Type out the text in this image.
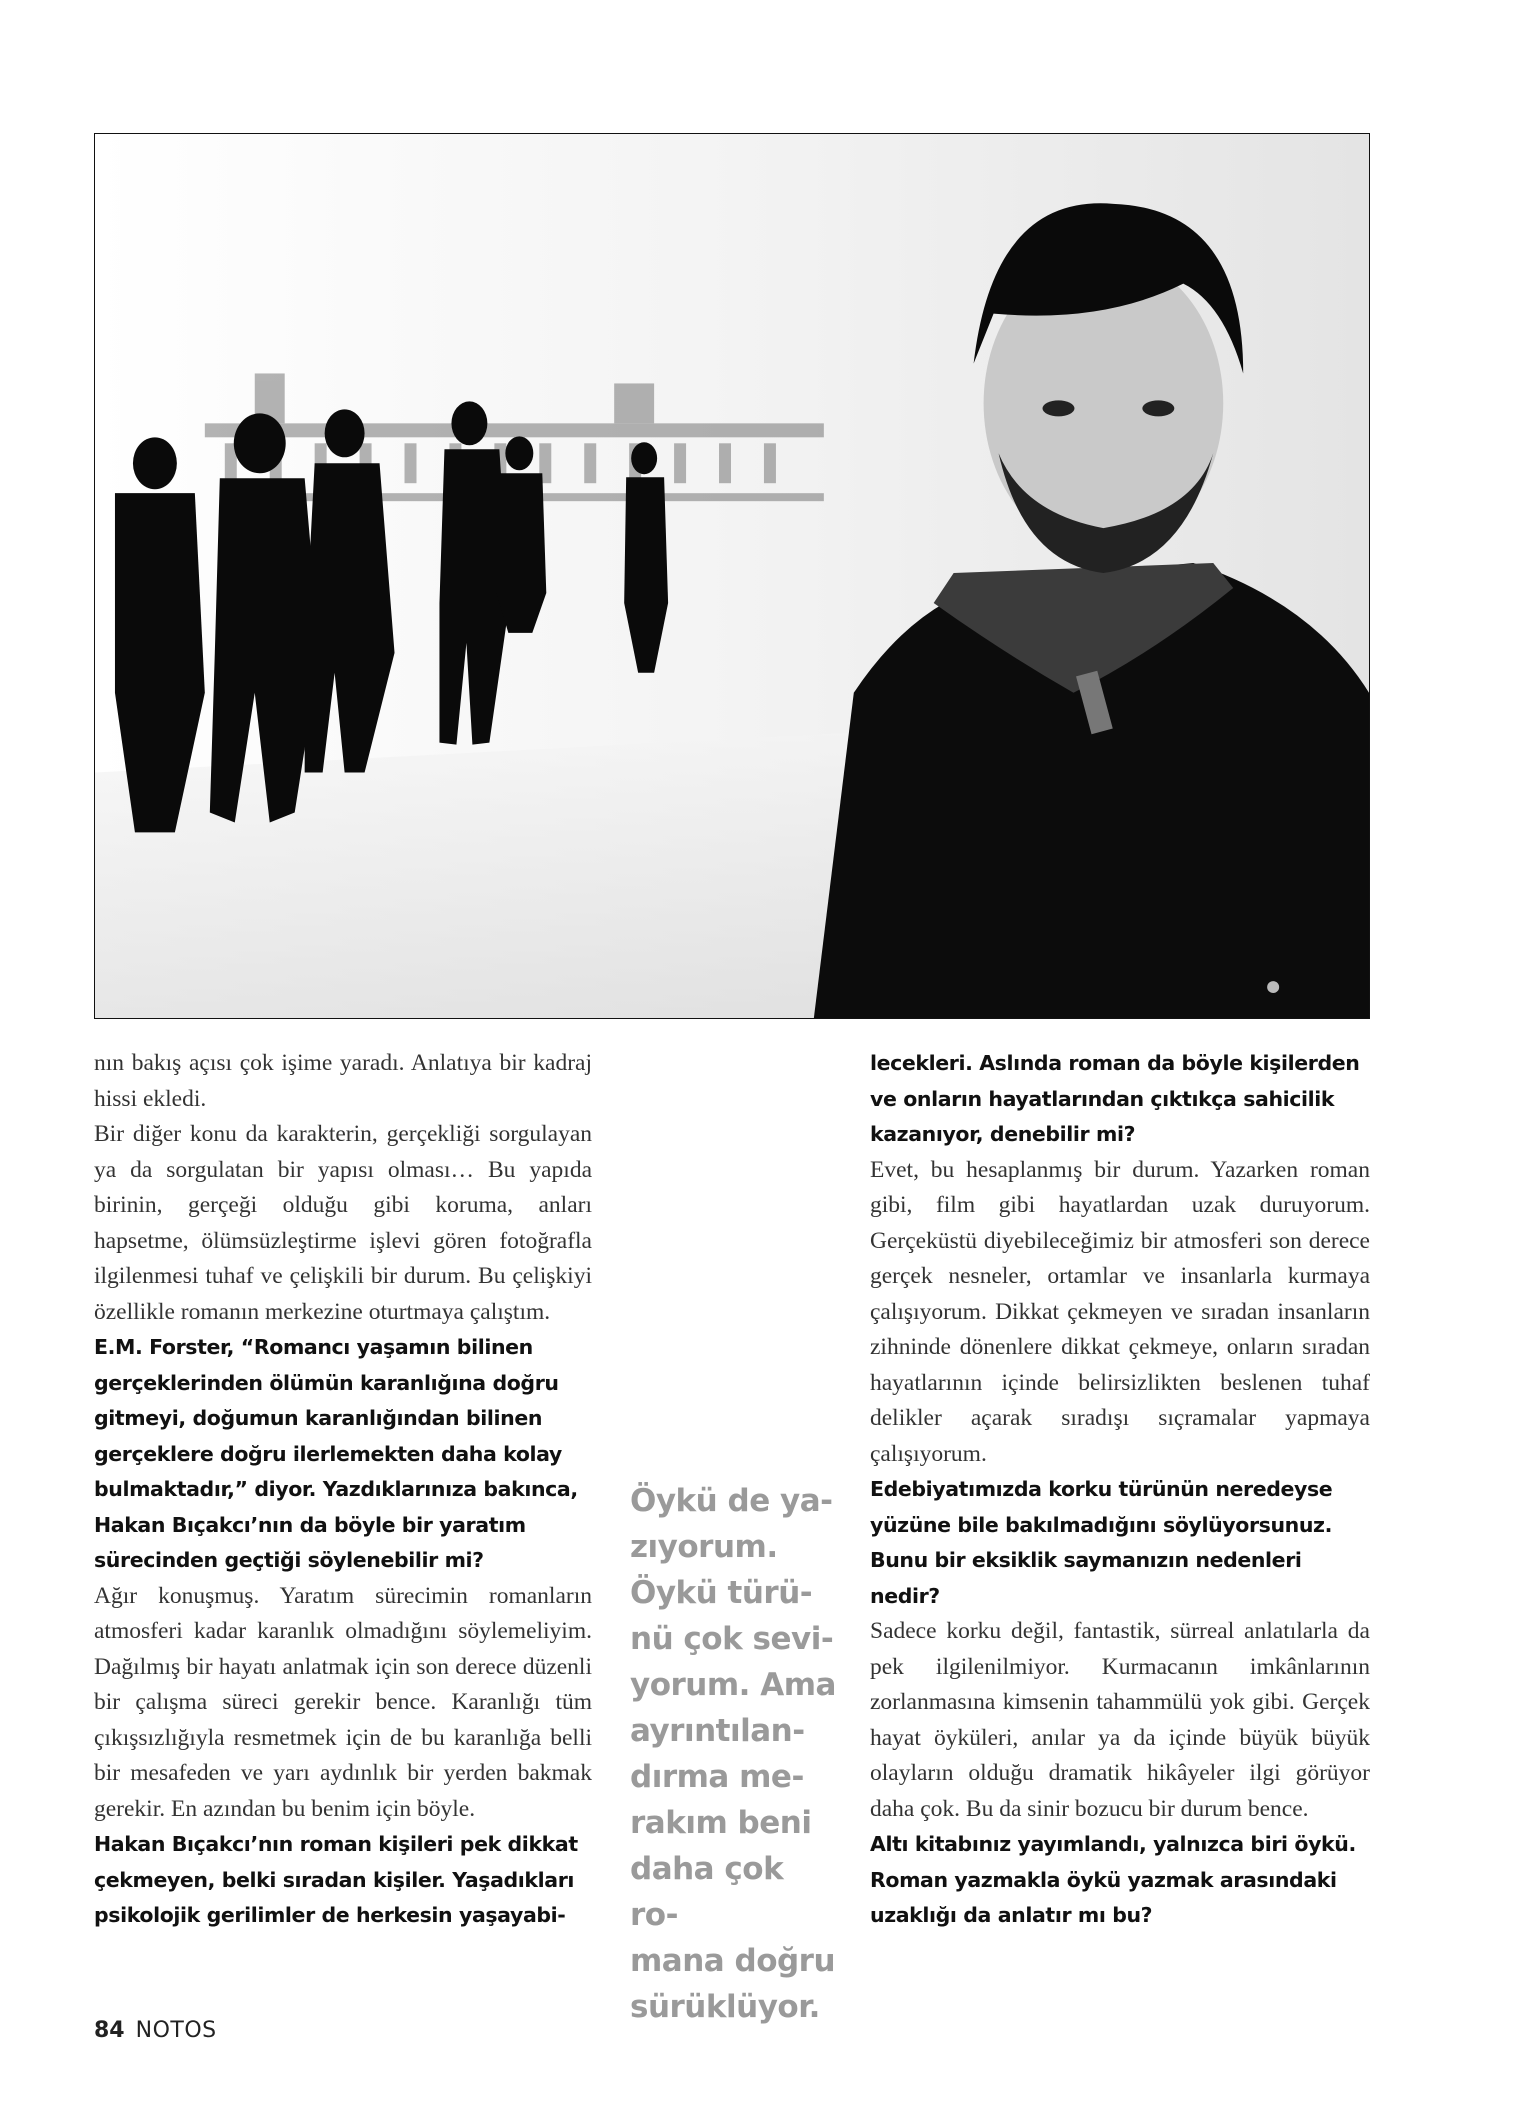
nın bakış açısı çok işime yaradı. Anlatıya bir kadraj hissi ekledi.

Bir diğer konu da karakterin, gerçekliği sorgulayan ya da sorgulatan bir yapısı olması… Bu yapıda birinin, gerçeği olduğu gibi koruma, anları hapsetme, ölümsüzleştirme işlevi gören fotoğrafla ilgilenmesi tuhaf ve çelişkili bir durum. Bu çelişkiyi özellikle romanın merkezine oturtmaya çalıştım.

E.M. Forster, “Romancı yaşamın bilinen gerçeklerinden ölümün karanlığına doğru gitmeyi, doğumun karanlığından bilinen gerçeklere doğru ilerlemekten daha kolay bulmaktadır,” diyor. Yazdıklarınıza bakınca, Hakan Bıçakcı’nın da böyle bir yaratım sürecinden geçtiği söylenebilir mi?

Ağır konuşmuş. Yaratım sürecimin romanların atmosferi kadar karanlık olmadığını söylemeliyim. Dağılmış bir hayatı anlatmak için son derece düzenli bir çalışma süreci gerekir bence. Karanlığı tüm çıkışsızlığıyla resmetmek için de bu karanlığa belli bir mesafeden ve yarı aydınlık bir yerden bakmak gerekir. En azından bu benim için böyle.

Hakan Bıçakcı’nın roman kişileri pek dikkat çekmeyen, belki sıradan kişiler. Yaşadıkları psikolojik gerilimler de herkesin yaşayabi-

Öykü de ya-
zıyorum.
Öykü türü-
nü çok sevi-
yorum. Ama
ayrıntılan-
dırma me-
rakım beni
daha çok ro-
mana doğru
sürüklüyor.

lecekleri. Aslında roman da böyle kişilerden ve onların hayatlarından çıktıkça sahicilik kazanıyor, denebilir mi?

Evet, bu hesaplanmış bir durum. Yazarken roman gibi, film gibi hayatlardan uzak duruyorum. Gerçeküstü diyebileceğimiz bir atmosferi son derece gerçek nesneler, ortamlar ve insanlarla kurmaya çalışıyorum. Dikkat çekmeyen ve sıradan insanların zihninde dönenlere dikkat çekmeye, onların sıradan hayatlarının içinde belirsizlikten beslenen tuhaf delikler açarak sıradışı sıçramalar yapmaya çalışıyorum.

Edebiyatımızda korku türünün neredeyse yüzüne bile bakılmadığını söylüyorsunuz. Bunu bir eksiklik saymanızın nedenleri nedir?

Sadece korku değil, fantastik, sürreal anlatılarla da pek ilgilenilmiyor. Kurmacanın imkânlarının zorlanmasına kimsenin tahammülü yok gibi. Gerçek hayat öyküleri, anılar ya da içinde büyük büyük olayların olduğu dramatik hikâyeler ilgi görüyor daha çok. Bu da sinir bozucu bir durum bence.

Altı kitabınız yayımlandı, yalnızca biri öykü. Roman yazmakla öykü yazmak arasındaki uzaklığı da anlatır mı bu?

84 NOTOS
